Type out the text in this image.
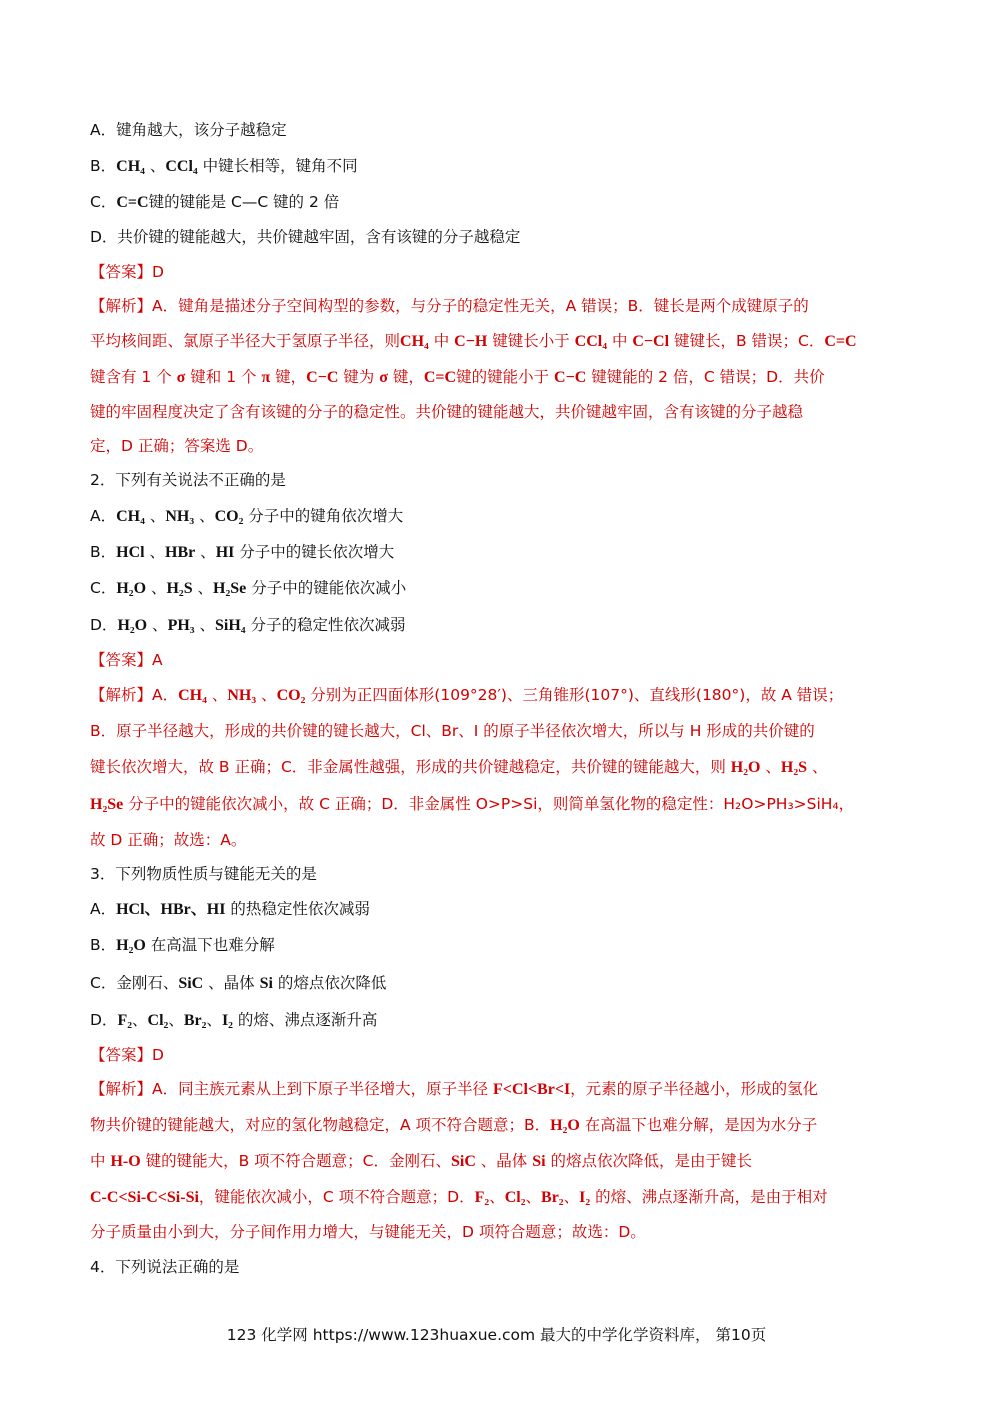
A．键角越大，该分子越稳定
B．CH₄ 、CCl₄ 中键长相等，键角不同
C．C=C键的键能是 C—C 键的 2 倍
D．共价键的键能越大，共价键越牢固，含有该键的分子越稳定
【答案】D
【解析】A．键角是描述分子空间构型的参数，与分子的稳定性无关，A 错误；B．键长是两个成键原子的
平均核间距、氯原子半径大于氢原子半径，则CH₄ 中 C−H 键键长小于 CCl₄ 中 C−Cl 键键长，B 错误；C．C=C
键含有 1 个 σ 键和 1 个 π 键，C−C 键为 σ 键，C=C键的键能小于 C−C 键键能的 2 倍，C 错误；D．共价
键的牢固程度决定了含有该键的分子的稳定性。共价键的键能越大，共价键越牢固，含有该键的分子越稳
定，D 正确；答案选 D。
2．下列有关说法不正确的是
A．CH₄ 、NH₃ 、CO₂ 分子中的键角依次增大
B．HCl 、HBr 、HI 分子中的键长依次增大
C．H₂O 、H₂S 、H₂Se 分子中的键能依次减小
D．H₂O 、PH₃ 、SiH₄ 分子的稳定性依次减弱
【答案】A
【解析】A．CH₄ 、NH₃ 、CO₂ 分别为正四面体形(109°28′)、三角锥形(107°)、直线形(180°)，故 A 错误；
B．原子半径越大，形成的共价键的键长越大，Cl、Br、I 的原子半径依次增大，所以与 H 形成的共价键的
键长依次增大，故 B 正确；C．非金属性越强，形成的共价键越稳定，共价键的键能越大，则 H₂O 、H₂S 、
H₂Se 分子中的键能依次减小，故 C 正确；D．非金属性 O>P>Si，则简单氢化物的稳定性：H₂O>PH₃>SiH₄，
故 D 正确；故选：A。
3．下列物质性质与键能无关的是
A．HCl、HBr、HI 的热稳定性依次减弱
B．H₂O 在高温下也难分解
C．金刚石、SiC 、晶体 Si 的熔点依次降低
D．F₂、Cl₂、Br₂、I₂ 的熔、沸点逐渐升高
【答案】D
【解析】A．同主族元素从上到下原子半径增大，原子半径 F<Cl<Br<I，元素的原子半径越小，形成的氢化
物共价键的键能越大，对应的氢化物越稳定，A 项不符合题意；B．H₂O 在高温下也难分解，是因为水分子
中 H-O 键的键能大，B 项不符合题意；C．金刚石、SiC 、晶体 Si 的熔点依次降低，是由于键长
C-C<Si-C<Si-Si，键能依次减小，C 项不符合题意；D．F₂、Cl₂、Br₂、I₂ 的熔、沸点逐渐升高，是由于相对
分子质量由小到大，分子间作用力增大，与键能无关，D 项符合题意；故选：D。
4．下列说法正确的是
123 化学网 https://www.123huaxue.com 最大的中学化学资料库， 第10页
